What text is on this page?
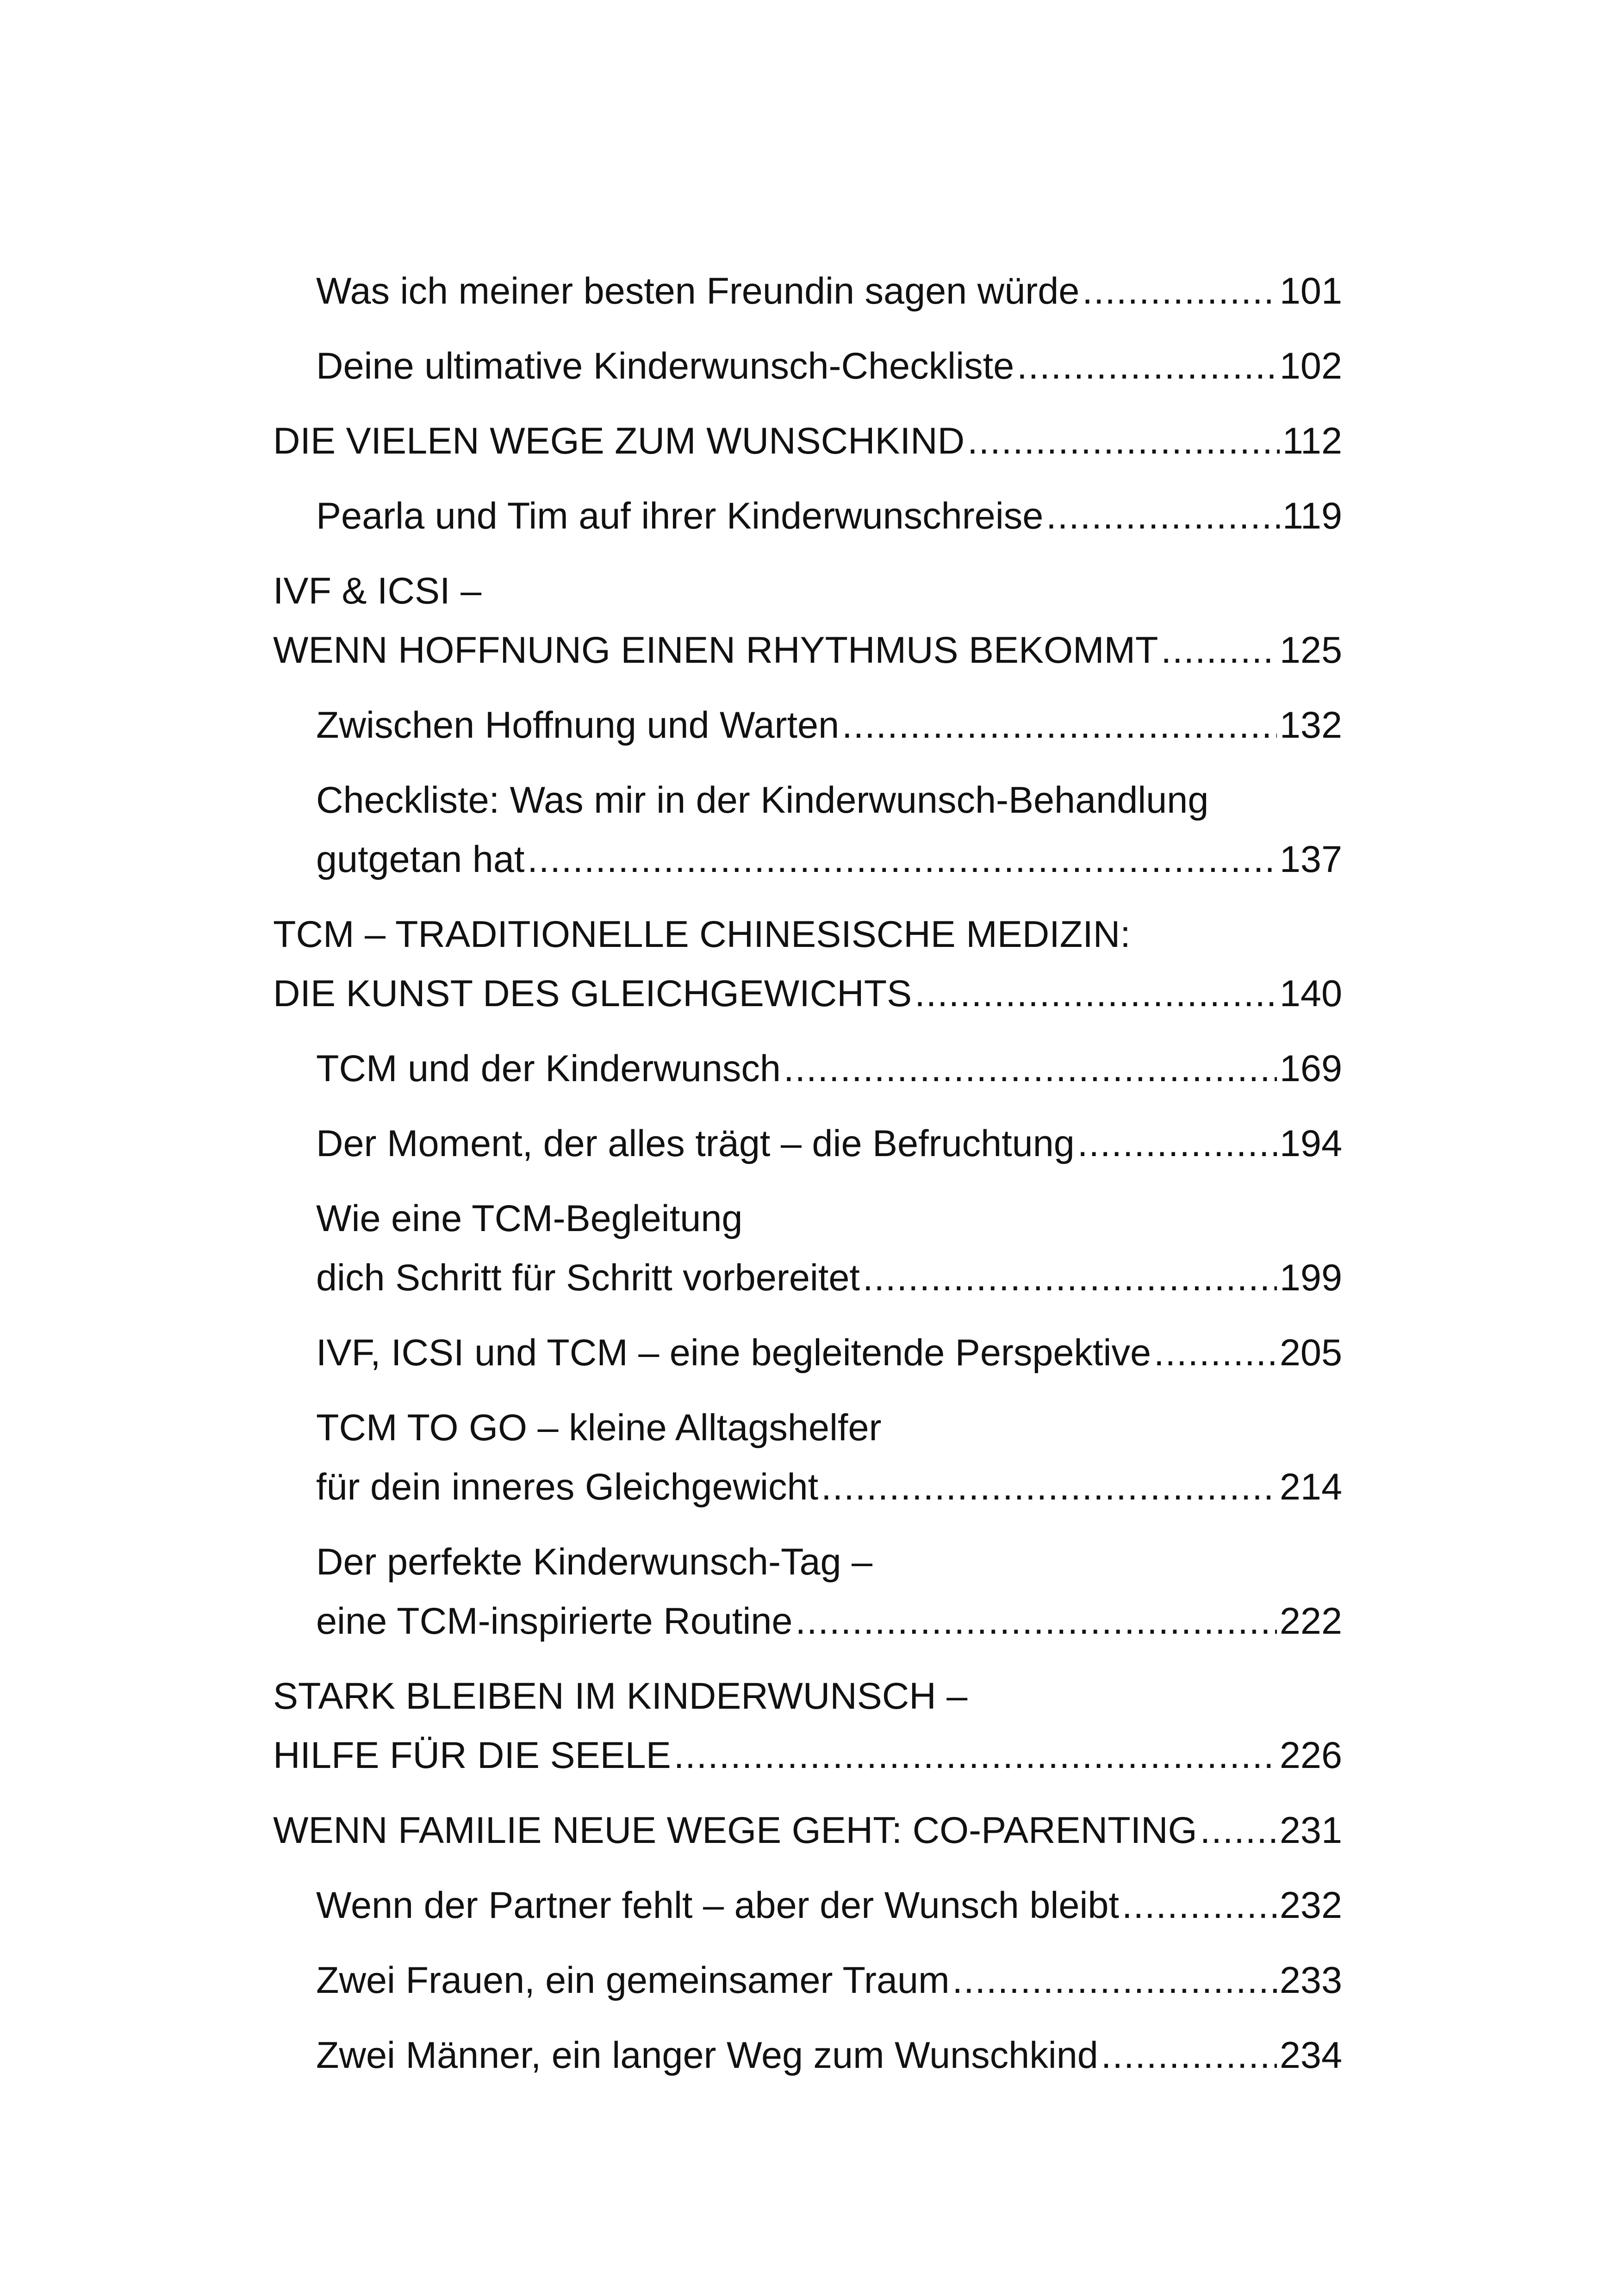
Was ich meiner besten Freundin sagen würde .....	101
Deine ultimative Kinderwunsch-Checkliste .....	102
DIE VIELEN WEGE ZUM WUNSCHKIND .....	112
Pearla und Tim auf ihrer Kinderwunschreise .....	119
IVF & ICSI –
WENN HOFFNUNG EINEN RHYTHMUS BEKOMMT .....	125
Zwischen Hoffnung und Warten .....	132
Checkliste: Was mir in der Kinderwunsch-Behandlung
gutgetan hat .....	137
TCM – TRADITIONELLE CHINESISCHE MEDIZIN:
DIE KUNST DES GLEICHGEWICHTS .....	140
TCM und der Kinderwunsch .....	169
Der Moment, der alles trägt – die Befruchtung .....	194
Wie eine TCM-Begleitung
dich Schritt für Schritt vorbereitet .....	199
IVF, ICSI und TCM – eine begleitende Perspektive .....	205
TCM TO GO – kleine Alltagshelfer
für dein inneres Gleichgewicht .....	214
Der perfekte Kinderwunsch-Tag –
eine TCM-inspirierte Routine .....	222
STARK BLEIBEN IM KINDERWUNSCH –
HILFE FÜR DIE SEELE .....	226
WENN FAMILIE NEUE WEGE GEHT: CO-PARENTING ..... 231
Wenn der Partner fehlt – aber der Wunsch bleibt .....	232
Zwei Frauen, ein gemeinsamer Traum .....	233
Zwei Männer, ein langer Weg zum Wunschkind .....	234
